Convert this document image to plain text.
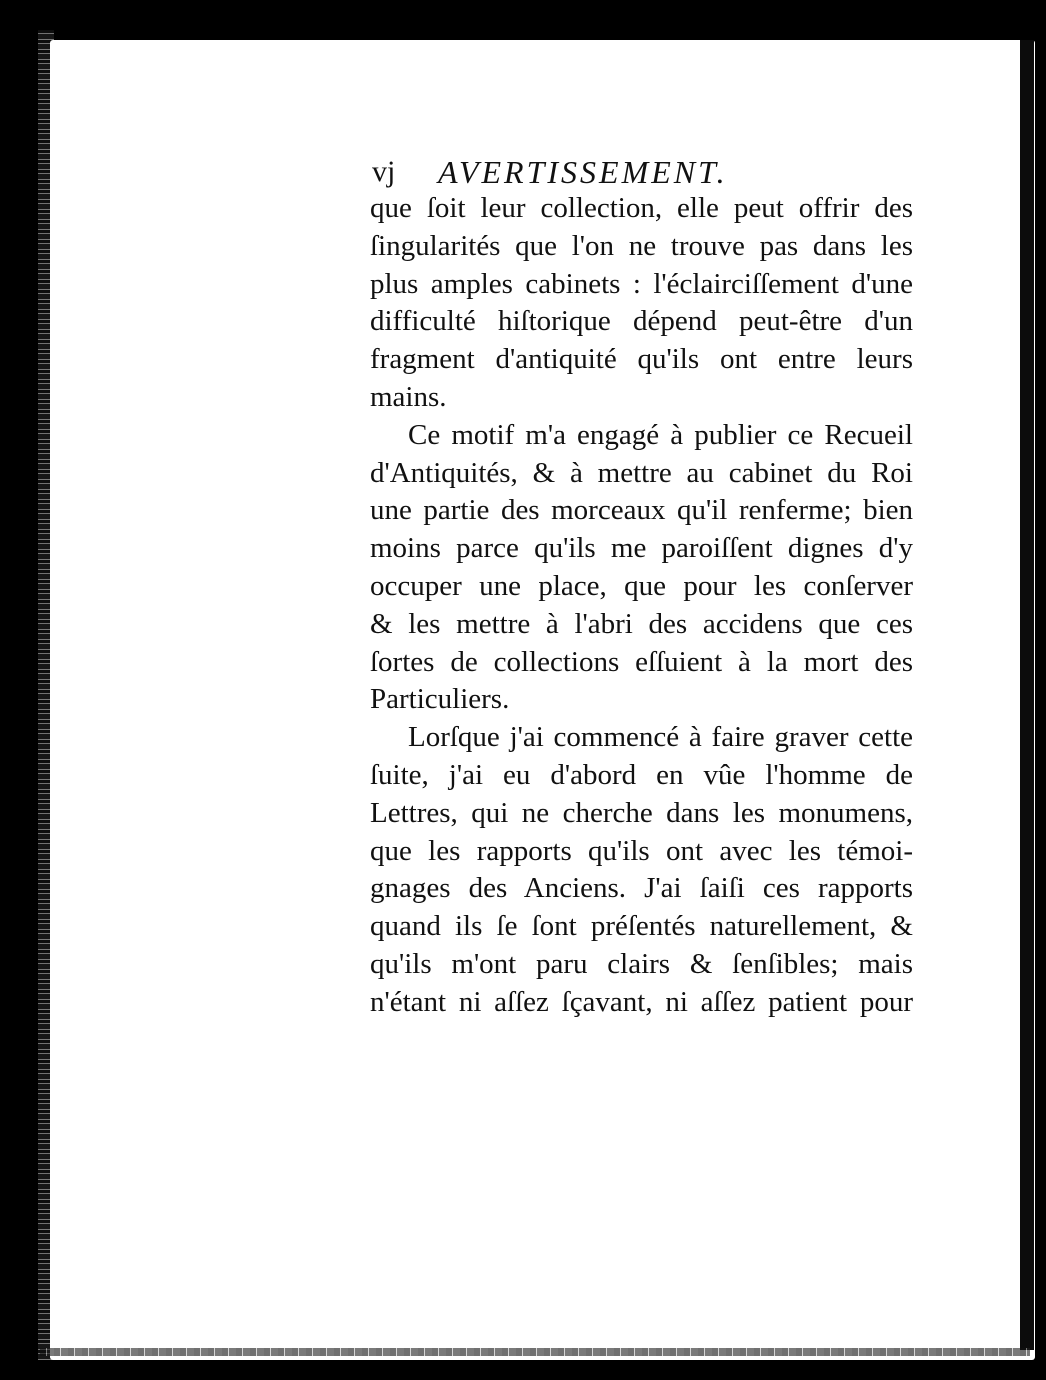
vj AVERTISSEMENT.

que ſoit leur collection, elle peut offrir des
ſingularités que l'on ne trouve pas dans les
plus amples cabinets : l'éclairciſſement d'une
difficulté hiſtorique dépend peut-être d'un
fragment d'antiquité qu'ils ont entre leurs
mains.

Ce motif m'a engagé à publier ce Recueil
d'Antiquités, & à mettre au cabinet du Roi
une partie des morceaux qu'il renferme; bien
moins parce qu'ils me paroiſſent dignes d'y
occuper une place, que pour les conſerver
& les mettre à l'abri des accidens que ces
ſortes de collections eſſuient à la mort des
Particuliers.

Lorſque j'ai commencé à faire graver cette
ſuite, j'ai eu d'abord en vûe l'homme de
Lettres, qui ne cherche dans les monumens,
que les rapports qu'ils ont avec les témoi-
gnages des Anciens. J'ai ſaiſi ces rapports
quand ils ſe ſont préſentés naturellement, &
qu'ils m'ont paru clairs & ſenſibles; mais
n'étant ni aſſez ſçavant, ni aſſez patient pour
